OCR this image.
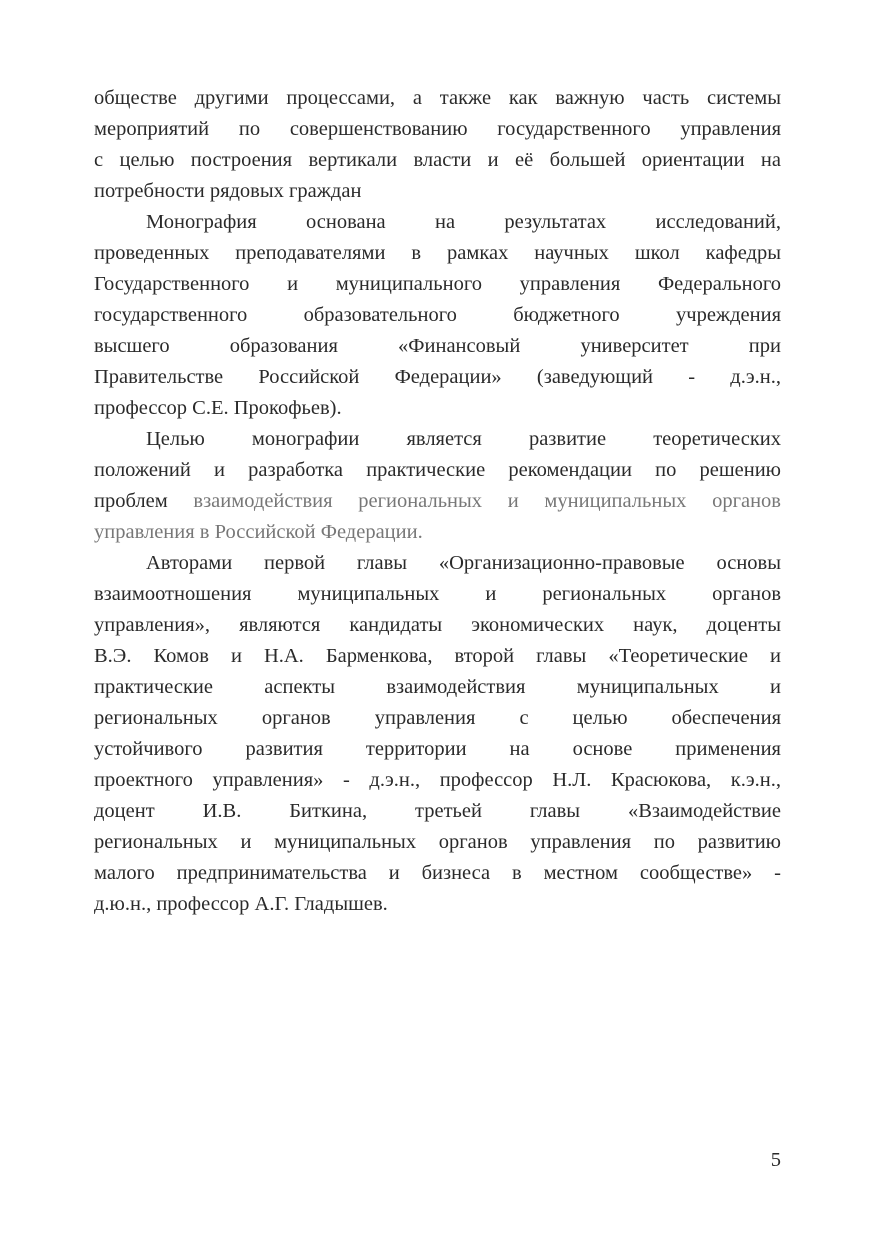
обществе другими процессами, а также как важную часть системы
мероприятий по совершенствованию государственного управления
с целью построения вертикали власти и её большей ориентации на
потребности рядовых граждан
Монография основана на результатах исследований,
проведенных преподавателями в рамках научных школ кафедры
Государственного и муниципального управления Федерального
государственного образовательного бюджетного учреждения
высшего образования «Финансовый университет при
Правительстве Российской Федерации» (заведующий - д.э.н.,
профессор С.Е. Прокофьев).
Целью монографии является развитие теоретических
положений и разработка практические рекомендации по решению
проблем взаимодействия региональных и муниципальных органов
управления в Российской Федерации.
Авторами первой главы «Организационно-правовые основы
взаимоотношения муниципальных и региональных органов
управления», являются кандидаты экономических наук, доценты
В.Э. Комов и Н.А. Барменкова, второй главы «Теоретические и
практические аспекты взаимодействия муниципальных и
региональных органов управления с целью обеспечения
устойчивого развития территории на основе применения
проектного управления» - д.э.н., профессор Н.Л. Красюкова, к.э.н.,
доцент И.В. Биткина, третьей главы «Взаимодействие
региональных и муниципальных органов управления по развитию
малого предпринимательства и бизнеса в местном сообществе» -
д.ю.н., профессор А.Г. Гладышев.
5
